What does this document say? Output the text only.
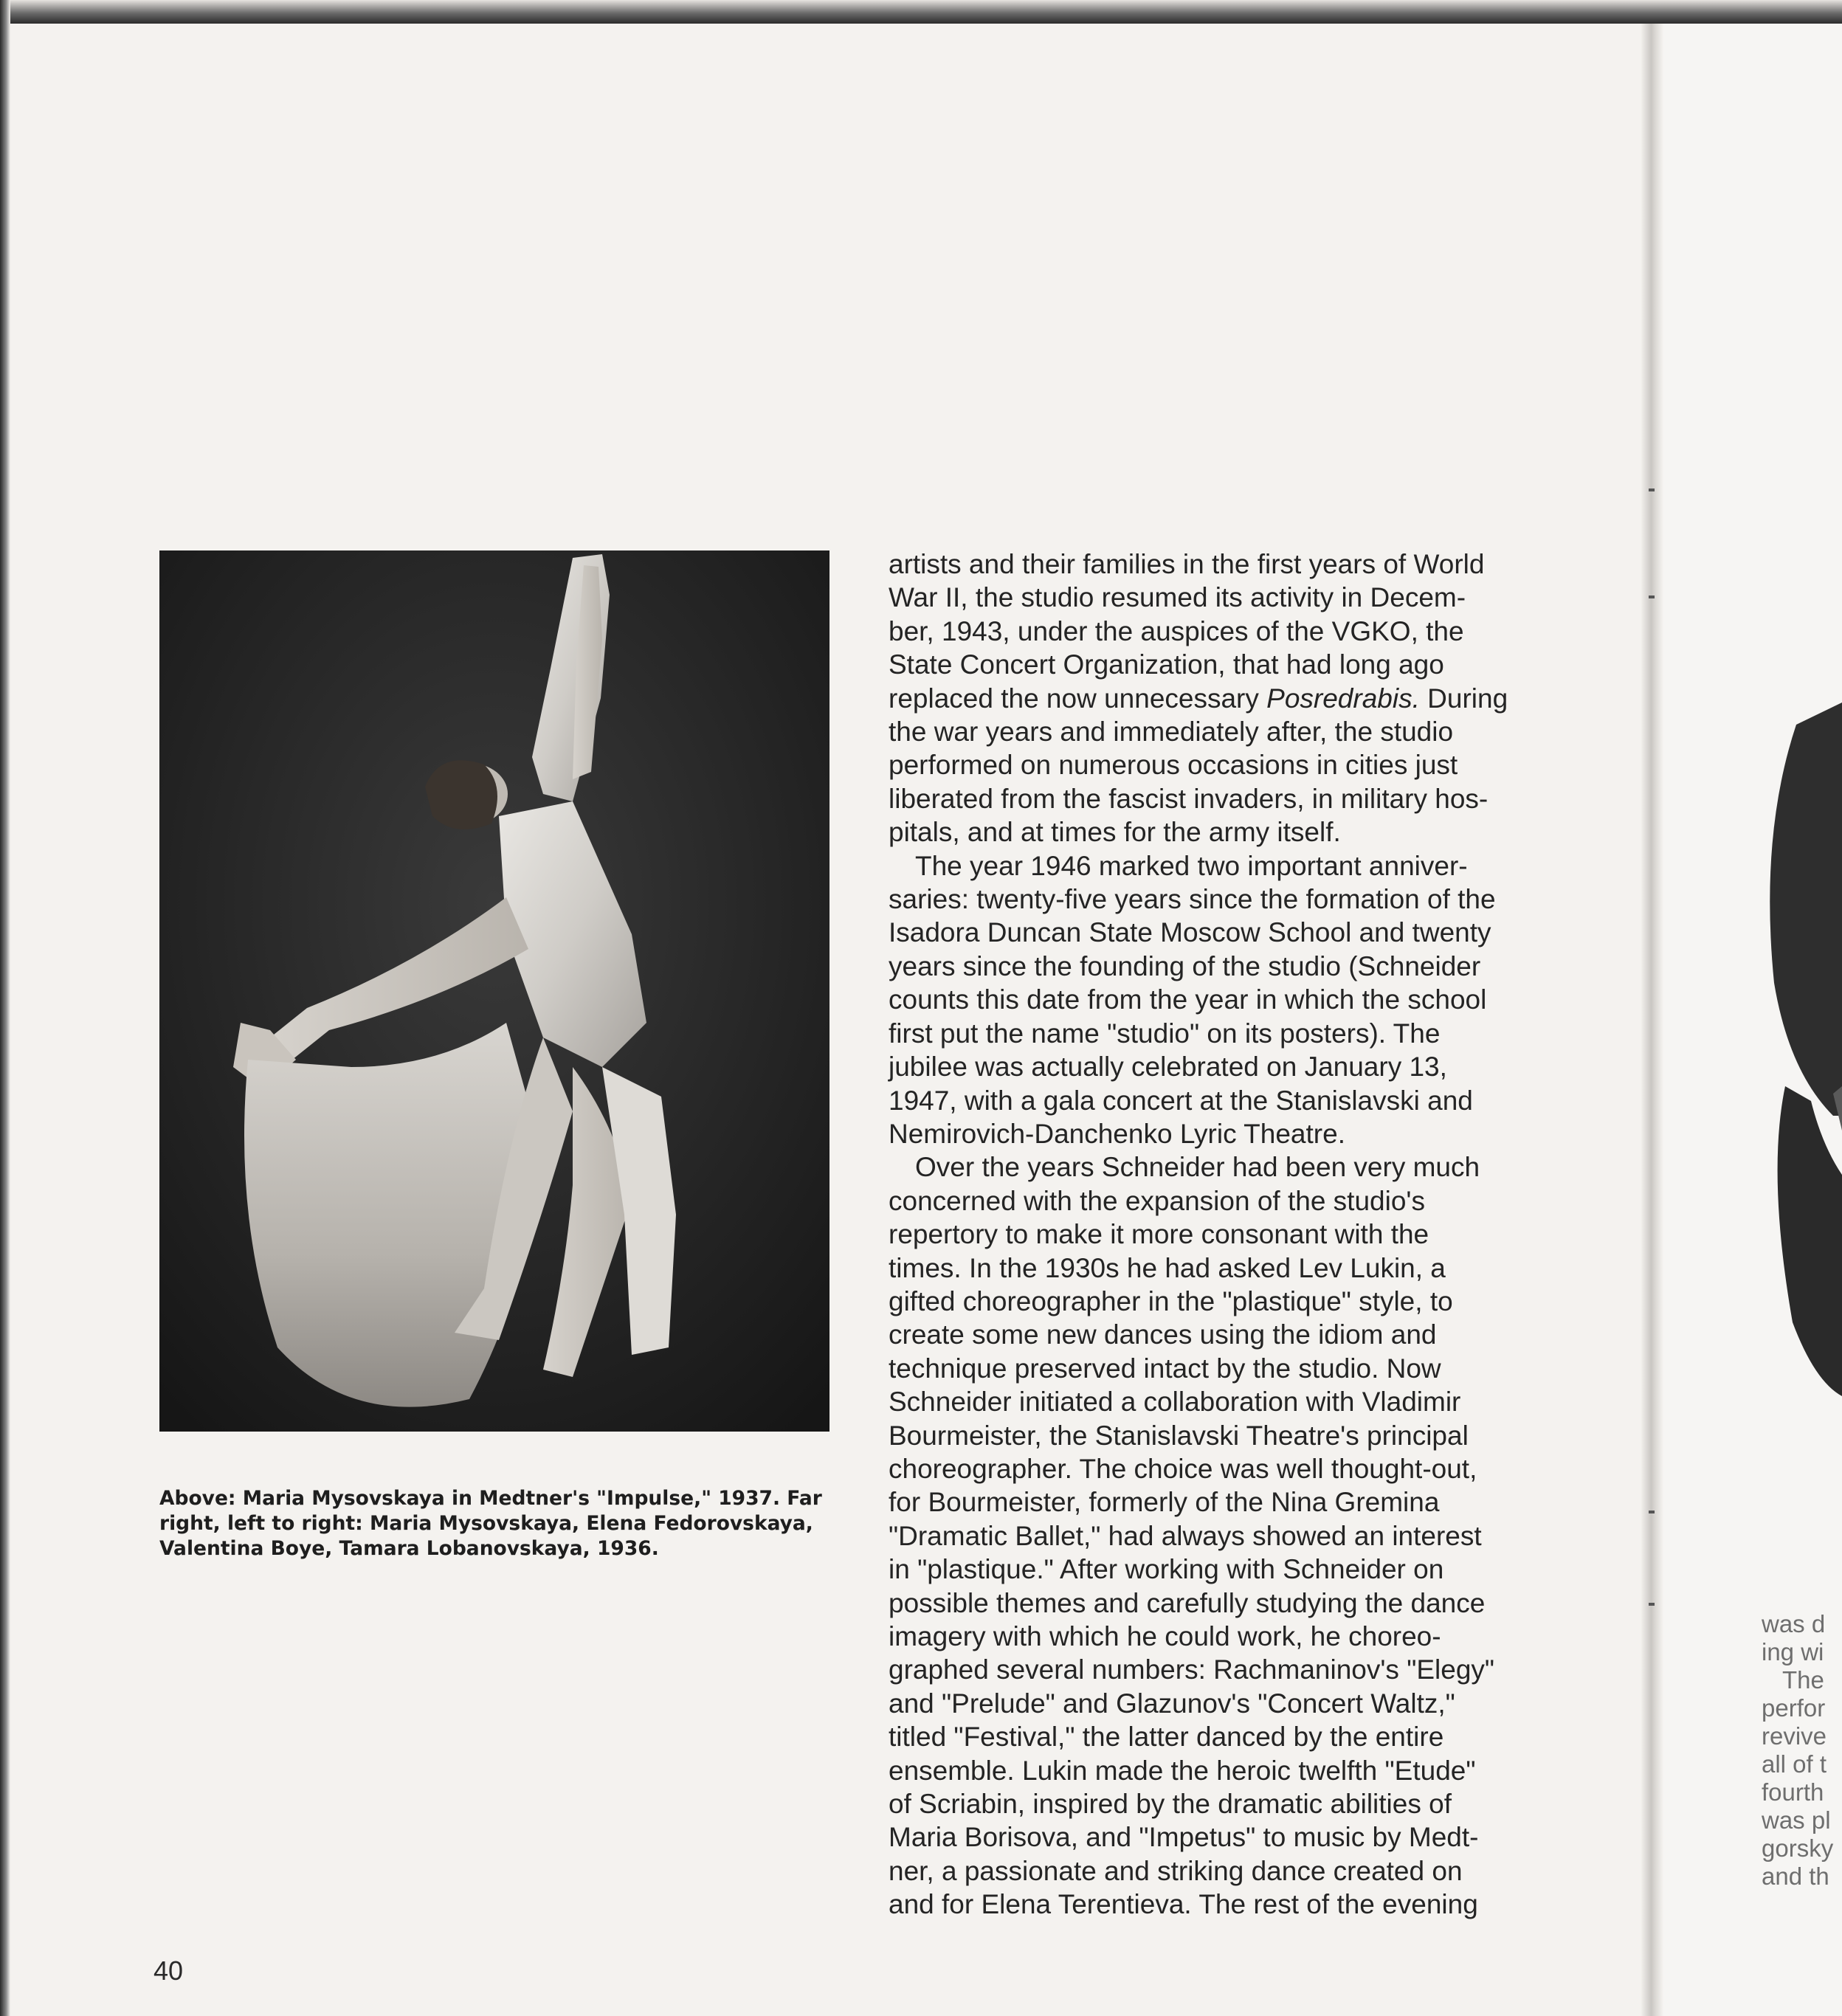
Above: Maria Mysovskaya in Medtner's "Impulse," 1937. Far
right, left to right: Maria Mysovskaya, Elena Fedorovskaya,
Valentina Boye, Tamara Lobanovskaya, 1936.
artists and their families in the first years of World
War II, the studio resumed its activity in Decem-
ber, 1943, under the auspices of the VGKO, the
State Concert Organization, that had long ago
replaced the now unnecessary Posredrabis. During
the war years and immediately after, the studio
performed on numerous occasions in cities just
liberated from the fascist invaders, in military hos-
pitals, and at times for the army itself.
The year 1946 marked two important anniver-
saries: twenty-five years since the formation of the
Isadora Duncan State Moscow School and twenty
years since the founding of the studio (Schneider
counts this date from the year in which the school
first put the name "studio" on its posters). The
jubilee was actually celebrated on January 13,
1947, with a gala concert at the Stanislavski and
Nemirovich-Danchenko Lyric Theatre.
Over the years Schneider had been very much
concerned with the expansion of the studio's
repertory to make it more consonant with the
times. In the 1930s he had asked Lev Lukin, a
gifted choreographer in the "plastique" style, to
create some new dances using the idiom and
technique preserved intact by the studio. Now
Schneider initiated a collaboration with Vladimir
Bourmeister, the Stanislavski Theatre's principal
choreographer. The choice was well thought-out,
for Bourmeister, formerly of the Nina Gremina
"Dramatic Ballet," had always showed an interest
in "plastique." After working with Schneider on
possible themes and carefully studying the dance
imagery with which he could work, he choreo-
graphed several numbers: Rachmaninov's "Elegy"
and "Prelude" and Glazunov's "Concert Waltz,"
titled "Festival," the latter danced by the entire
ensemble. Lukin made the heroic twelfth "Etude"
of Scriabin, inspired by the dramatic abilities of
Maria Borisova, and "Impetus" to music by Medt-
ner, a passionate and striking dance created on
and for Elena Terentieva. The rest of the evening
40
was d
ing wi
The
perfor
revive
all of t
fourth
was pl
gorsky
and th
